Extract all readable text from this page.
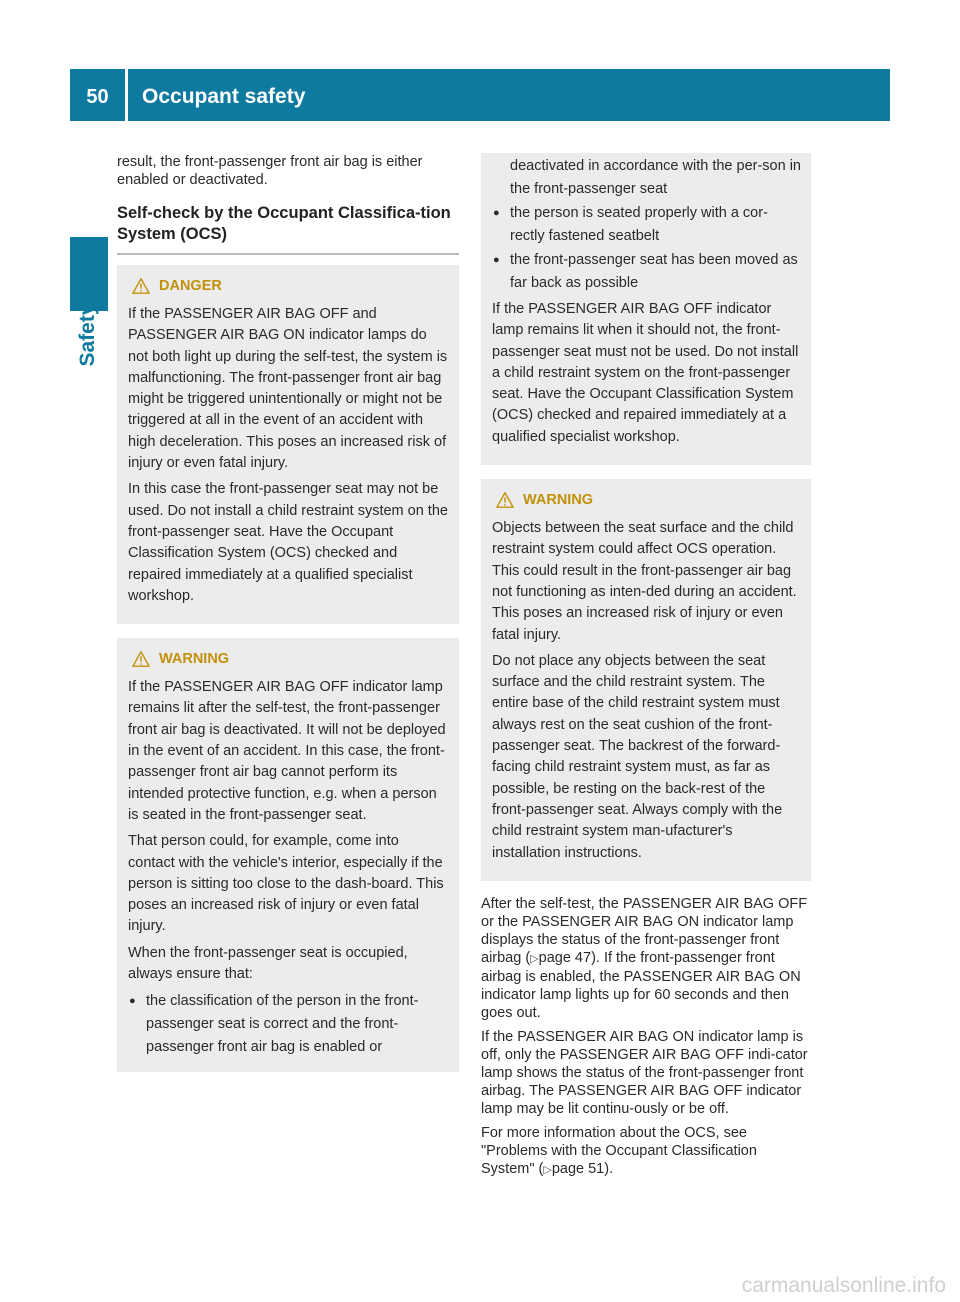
50	Occupant safety
Safety

result, the front-passenger front air bag is either enabled or deactivated.

Self-check by the Occupant Classifica-tion System (OCS)
DANGER

If the PASSENGER AIR BAG OFF and PASSENGER AIR BAG ON indicator lamps do not both light up during the self-test, the system is malfunctioning. The front-passenger front air bag might be triggered unintentionally or might not be triggered at all in the event of an accident with high deceleration. This poses an increased risk of injury or even fatal injury.

In this case the front-passenger seat may not be used. Do not install a child restraint system on the front-passenger seat. Have the Occupant Classification System (OCS) checked and repaired immediately at a qualified specialist workshop.

WARNING

If the PASSENGER AIR BAG OFF indicator lamp remains lit after the self-test, the front-passenger front air bag is deactivated. It will not be deployed in the event of an accident. In this case, the front-passenger front air bag cannot perform its intended protective function, e.g. when a person is seated in the front-passenger seat.

That person could, for example, come into contact with the vehicle's interior, especially if the person is sitting too close to the dash-board. This poses an increased risk of injury or even fatal injury.

When the front-passenger seat is occupied, always ensure that:

● the classification of the person in the front-passenger seat is correct and the front-passenger front air bag is enabled or
deactivated in accordance with the per-son in the front-passenger seat
● the person is seated properly with a cor-rectly fastened seatbelt
● the front-passenger seat has been moved as far back as possible

If the PASSENGER AIR BAG OFF indicator lamp remains lit when it should not, the front-passenger seat must not be used. Do not install a child restraint system on the front-passenger seat. Have the Occupant Classification System (OCS) checked and repaired immediately at a qualified specialist workshop.

WARNING

Objects between the seat surface and the child restraint system could affect OCS operation. This could result in the front-passenger air bag not functioning as inten-ded during an accident. This poses an increased risk of injury or even fatal injury.

Do not place any objects between the seat surface and the child restraint system. The entire base of the child restraint system must always rest on the seat cushion of the front-passenger seat. The backrest of the forward-facing child restraint system must, as far as possible, be resting on the back-rest of the front-passenger seat. Always comply with the child restraint system man-ufacturer's installation instructions.

After the self-test, the PASSENGER AIR BAG OFF or the PASSENGER AIR BAG ON indicator lamp displays the status of the front-passenger front airbag (▷page 47). If the front-passenger front airbag is enabled, the PASSENGER AIR BAG ON indicator lamp lights up for 60 seconds and then goes out.

If the PASSENGER AIR BAG ON indicator lamp is off, only the PASSENGER AIR BAG OFF indi-cator lamp shows the status of the front-passenger front airbag. The PASSENGER AIR BAG OFF indicator lamp may be lit continu-ously or be off.

For more information about the OCS, see "Problems with the Occupant Classification System" (▷page 51).

carmanualsonline.info
